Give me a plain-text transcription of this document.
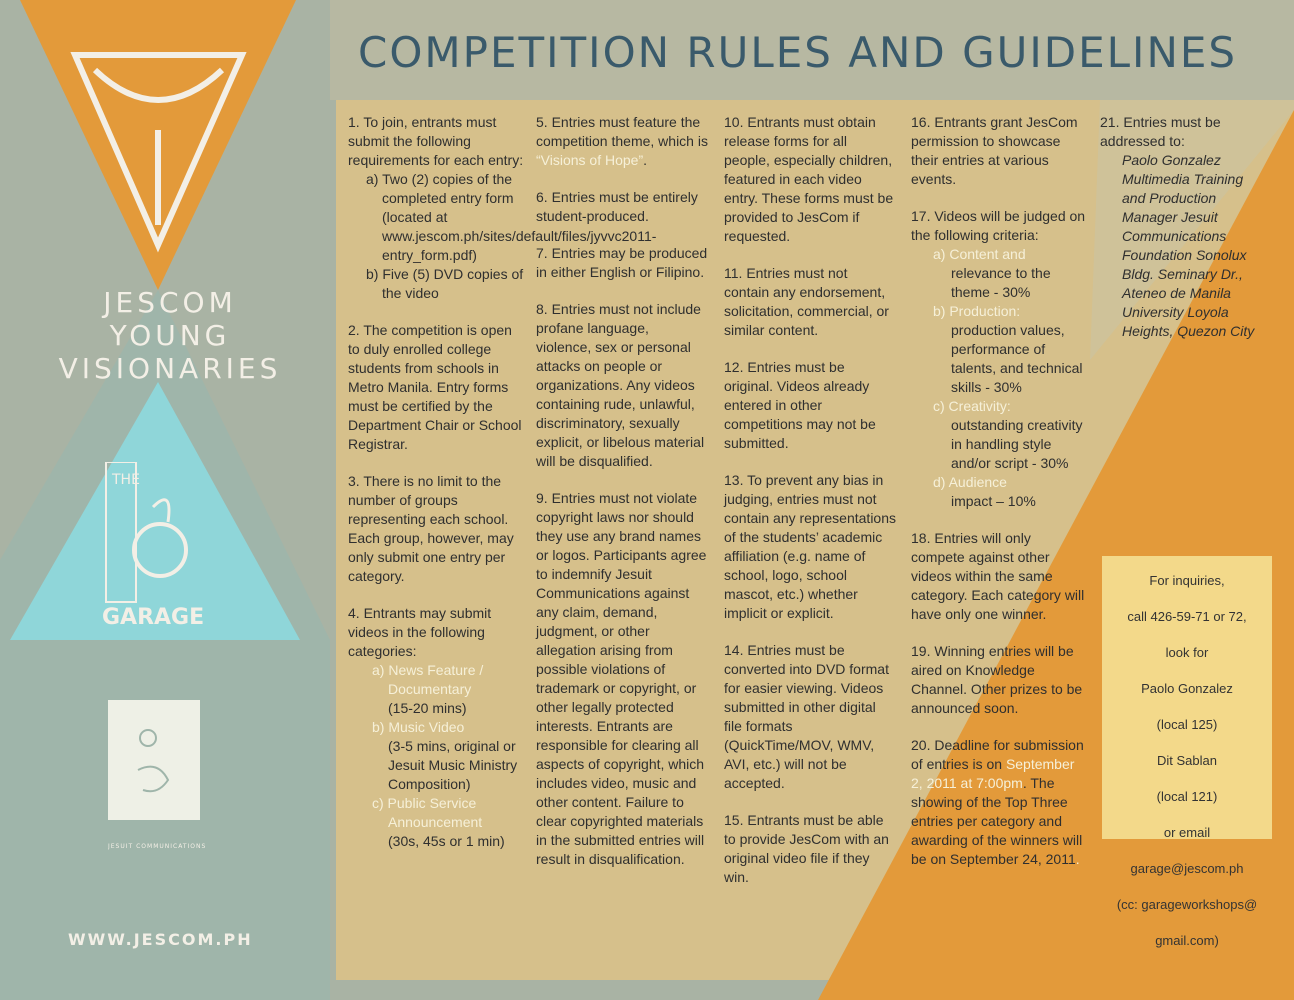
COMPETITION RULES AND GUIDELINES
JESCOM
YOUNG
VISIONARIES
THE
GARAGE
JESUIT COMMUNICATIONS
WWW.JESCOM.PH

1. To join, entrants must submit the following requirements for each entry:

a) Two (2) copies of the completed entry form (located at www.jescom.ph/sites/default/files/jyvvc2011-entry_form.pdf)

b) Five (5) DVD copies of the video

2. The competition is open to duly enrolled college students from schools in Metro Manila. Entry forms must be certified by the Department Chair or School Registrar.

3. There is no limit to the number of groups representing each school. Each group, however, may only submit one entry per category.

4. Entrants may submit videos in the following categories:

a) News Feature / Documentary

(15-20 mins)

b) Music Video

(3-5 mins, original or Jesuit Music Ministry Composition)

c) Public Service Announcement

(30s, 45s or 1 min)

5. Entries must feature the competition theme, which is “Visions of Hope”.

6. Entries must be entirely student-produced.

7. Entries may be produced in either English or Filipino.

8. Entries must not include profane language, violence, sex or personal attacks on people or organizations. Any videos containing rude, unlawful, discriminatory, sexually explicit, or libelous material will be disqualified.

9. Entries must not violate copyright laws nor should they use any brand names or logos. Participants agree to indemnify Jesuit Communications against any claim, demand, judgment, or other allegation arising from possible violations of trademark or copyright, or other legally protected interests. Entrants are responsible for clearing all aspects of copyright, which includes video, music and other content. Failure to clear copyrighted materials in the submitted entries will result in disqualification.

10. Entrants must obtain release forms for all people, especially children, featured in each video entry. These forms must be provided to JesCom if requested.

11. Entries must not contain any endorsement, solicitation, commercial, or similar content.

12. Entries must be original. Videos already entered in other competitions may not be submitted.

13. To prevent any bias in judging, entries must not contain any representations of the students’ academic affiliation (e.g. name of school, logo, school mascot, etc.) whether implicit or explicit.

14. Entries must be converted into DVD format for easier viewing. Videos submitted in other digital file formats (QuickTime/MOV, WMV, AVI, etc.) will not be accepted.

15. Entrants must be able to provide JesCom with an original video file if they win.

16. Entrants grant JesCom permission to showcase their entries at various events.

17. Videos will be judged on the following criteria:

a) Content and

relevance to the theme - 30%

b) Production:

production values, performance of talents, and technical skills - 30%

c) Creativity:

outstanding creativity in handling style and/or script - 30%

d) Audience

impact – 10%

18. Entries will only compete against other videos within the same category. Each category will have only one winner.

19. Winning entries will be aired on Knowledge Channel. Other prizes to be announced soon.

20. Deadline for submission of entries is on September 2, 2011 at 7:00pm. The showing of the Top Three entries per category and awarding of the winners will be on September 24, 2011.

21. Entries must be addressed to:

Paolo Gonzalez Multimedia Training and Production Manager Jesuit Communications Foundation Sonolux Bldg. Seminary Dr., Ateneo de Manila University Loyola Heights, Quezon City

For inquiries,

call 426-59-71 or 72,

look for

Paolo Gonzalez

(local 125)

Dit Sablan

(local 121)

or email

garage@jescom.ph

(cc: garageworkshops@

gmail.com)
